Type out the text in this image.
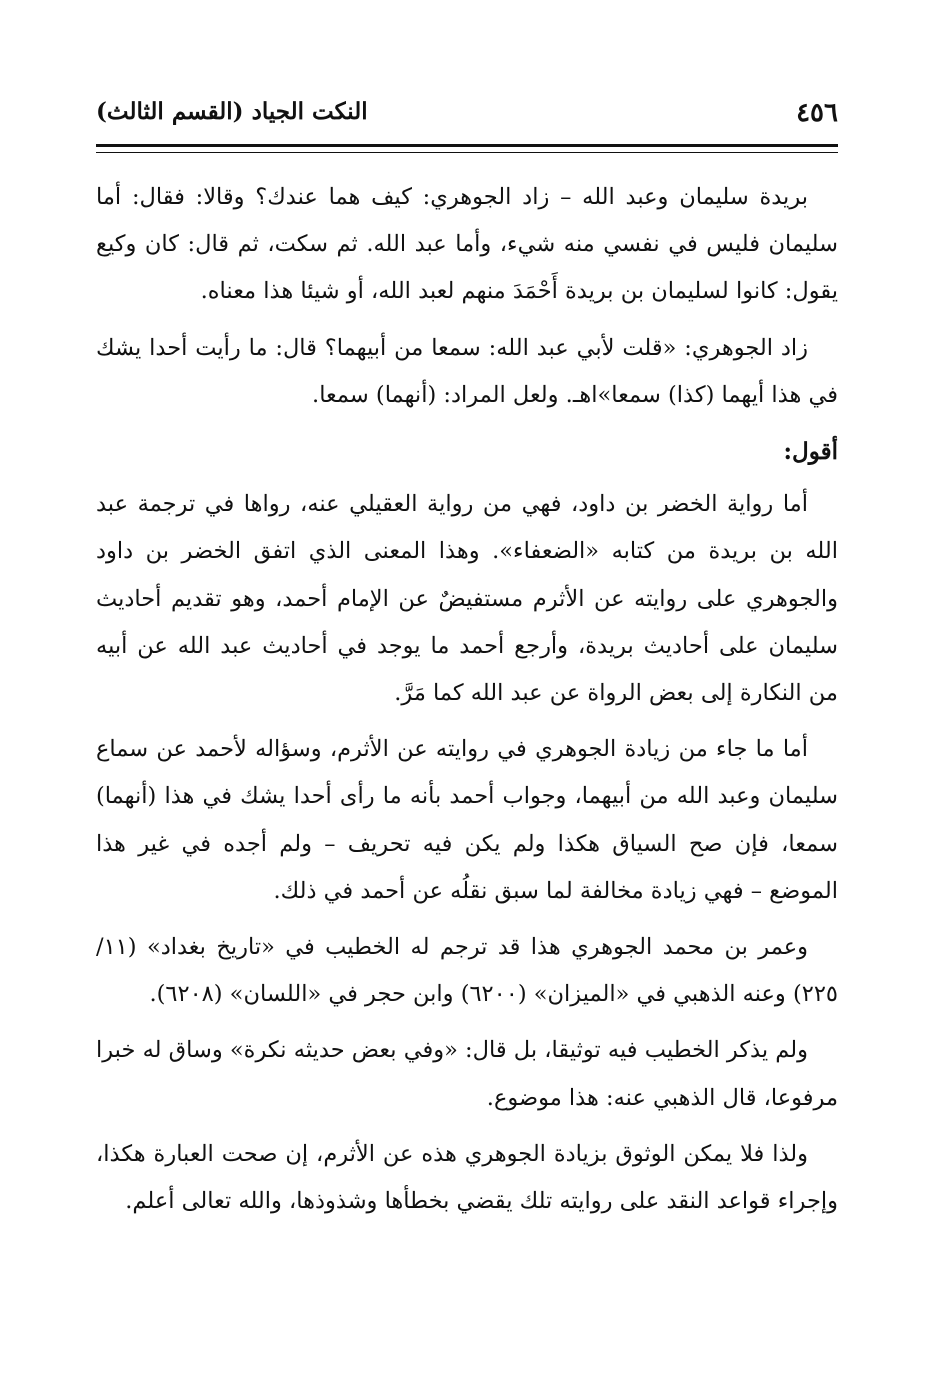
٤٥٦
النكت الجياد (القسم الثالث)

بريدة سليمان وعبد الله – زاد الجوهري: كيف هما عندك؟ وقالا: فقال: أما سليمان فليس في نفسي منه شيء، وأما عبد الله. ثم سكت، ثم قال: كان وكيع يقول: كانوا لسليمان بن بريدة أَحْمَدَ منهم لعبد الله، أو شيئا هذا معناه.

زاد الجوهري: «قلت لأبي عبد الله: سمعا من أبيهما؟ قال: ما رأيت أحدا يشك في هذا أيهما (كذا) سمعا»اهـ. ولعل المراد: (أنهما) سمعا.

أقول:

أما رواية الخضر بن داود، فهي من رواية العقيلي عنه، رواها في ترجمة عبد الله بن بريدة من كتابه «الضعفاء». وهذا المعنى الذي اتفق الخضر بن داود والجوهري على روايته عن الأثرم مستفيضٌ عن الإمام أحمد، وهو تقديم أحاديث سليمان على أحاديث بريدة، وأرجع أحمد ما يوجد في أحاديث عبد الله عن أبيه من النكارة إلى بعض الرواة عن عبد الله كما مَرَّ.

أما ما جاء من زيادة الجوهري في روايته عن الأثرم، وسؤاله لأحمد عن سماع سليمان وعبد الله من أبيهما، وجواب أحمد بأنه ما رأى أحدا يشك في هذا (أنهما) سمعا، فإن صح السياق هكذا ولم يكن فيه تحريف – ولم أجده في غير هذا الموضع – فهي زيادة مخالفة لما سبق نقلُه عن أحمد في ذلك.

وعمر بن محمد الجوهري هذا قد ترجم له الخطيب في «تاريخ بغداد» (١١/ ٢٢٥) وعنه الذهبي في «الميزان» (٦٢٠٠) وابن حجر في «اللسان» (٦٢٠٨).

ولم يذكر الخطيب فيه توثيقا، بل قال: «وفي بعض حديثه نكرة» وساق له خبرا مرفوعا، قال الذهبي عنه: هذا موضوع.

ولذا فلا يمكن الوثوق بزيادة الجوهري هذه عن الأثرم، إن صحت العبارة هكذا، وإجراء قواعد النقد على روايته تلك يقضي بخطأها وشذوذها، والله تعالى أعلم.
